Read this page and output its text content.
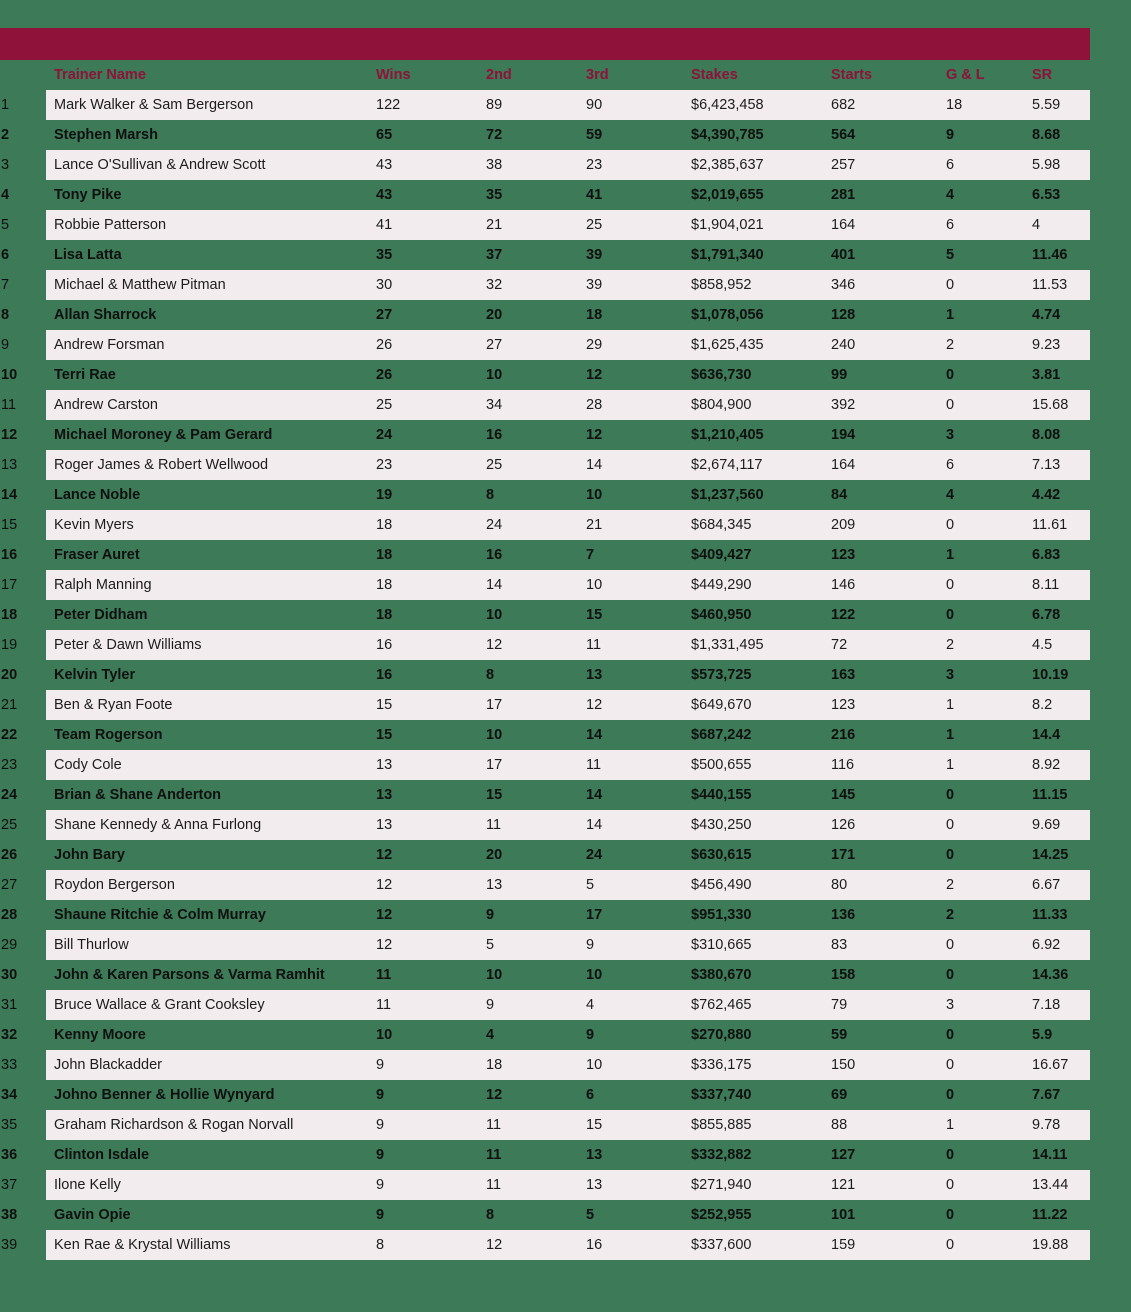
	Trainer Name	Wins	2nd	3rd	Stakes	Starts	G & L	SR
1	Mark Walker & Sam Bergerson	122	89	90	$6,423,458	682	18	5.59
2	Stephen Marsh	65	72	59	$4,390,785	564	9	8.68
3	Lance O'Sullivan & Andrew Scott	43	38	23	$2,385,637	257	6	5.98
4	Tony Pike	43	35	41	$2,019,655	281	4	6.53
5	Robbie Patterson	41	21	25	$1,904,021	164	6	4
6	Lisa Latta	35	37	39	$1,791,340	401	5	11.46
7	Michael & Matthew Pitman	30	32	39	$858,952	346	0	11.53
8	Allan Sharrock	27	20	18	$1,078,056	128	1	4.74
9	Andrew Forsman	26	27	29	$1,625,435	240	2	9.23
10	Terri Rae	26	10	12	$636,730	99	0	3.81
11	Andrew Carston	25	34	28	$804,900	392	0	15.68
12	Michael Moroney & Pam Gerard	24	16	12	$1,210,405	194	3	8.08
13	Roger James & Robert Wellwood	23	25	14	$2,674,117	164	6	7.13
14	Lance Noble	19	8	10	$1,237,560	84	4	4.42
15	Kevin Myers	18	24	21	$684,345	209	0	11.61
16	Fraser Auret	18	16	7	$409,427	123	1	6.83
17	Ralph Manning	18	14	10	$449,290	146	0	8.11
18	Peter Didham	18	10	15	$460,950	122	0	6.78
19	Peter & Dawn Williams	16	12	11	$1,331,495	72	2	4.5
20	Kelvin Tyler	16	8	13	$573,725	163	3	10.19
21	Ben & Ryan Foote	15	17	12	$649,670	123	1	8.2
22	Team Rogerson	15	10	14	$687,242	216	1	14.4
23	Cody Cole	13	17	11	$500,655	116	1	8.92
24	Brian & Shane Anderton	13	15	14	$440,155	145	0	11.15
25	Shane Kennedy & Anna Furlong	13	11	14	$430,250	126	0	9.69
26	John Bary	12	20	24	$630,615	171	0	14.25
27	Roydon Bergerson	12	13	5	$456,490	80	2	6.67
28	Shaune Ritchie & Colm Murray	12	9	17	$951,330	136	2	11.33
29	Bill Thurlow	12	5	9	$310,665	83	0	6.92
30	John & Karen Parsons & Varma Ramhit	11	10	10	$380,670	158	0	14.36
31	Bruce Wallace & Grant Cooksley	11	9	4	$762,465	79	3	7.18
32	Kenny Moore	10	4	9	$270,880	59	0	5.9
33	John Blackadder	9	18	10	$336,175	150	0	16.67
34	Johno Benner & Hollie Wynyard	9	12	6	$337,740	69	0	7.67
35	Graham Richardson & Rogan Norvall	9	11	15	$855,885	88	1	9.78
36	Clinton Isdale	9	11	13	$332,882	127	0	14.11
37	Ilone Kelly	9	11	13	$271,940	121	0	13.44
38	Gavin Opie	9	8	5	$252,955	101	0	11.22
39	Ken Rae & Krystal Williams	8	12	16	$337,600	159	0	19.88
